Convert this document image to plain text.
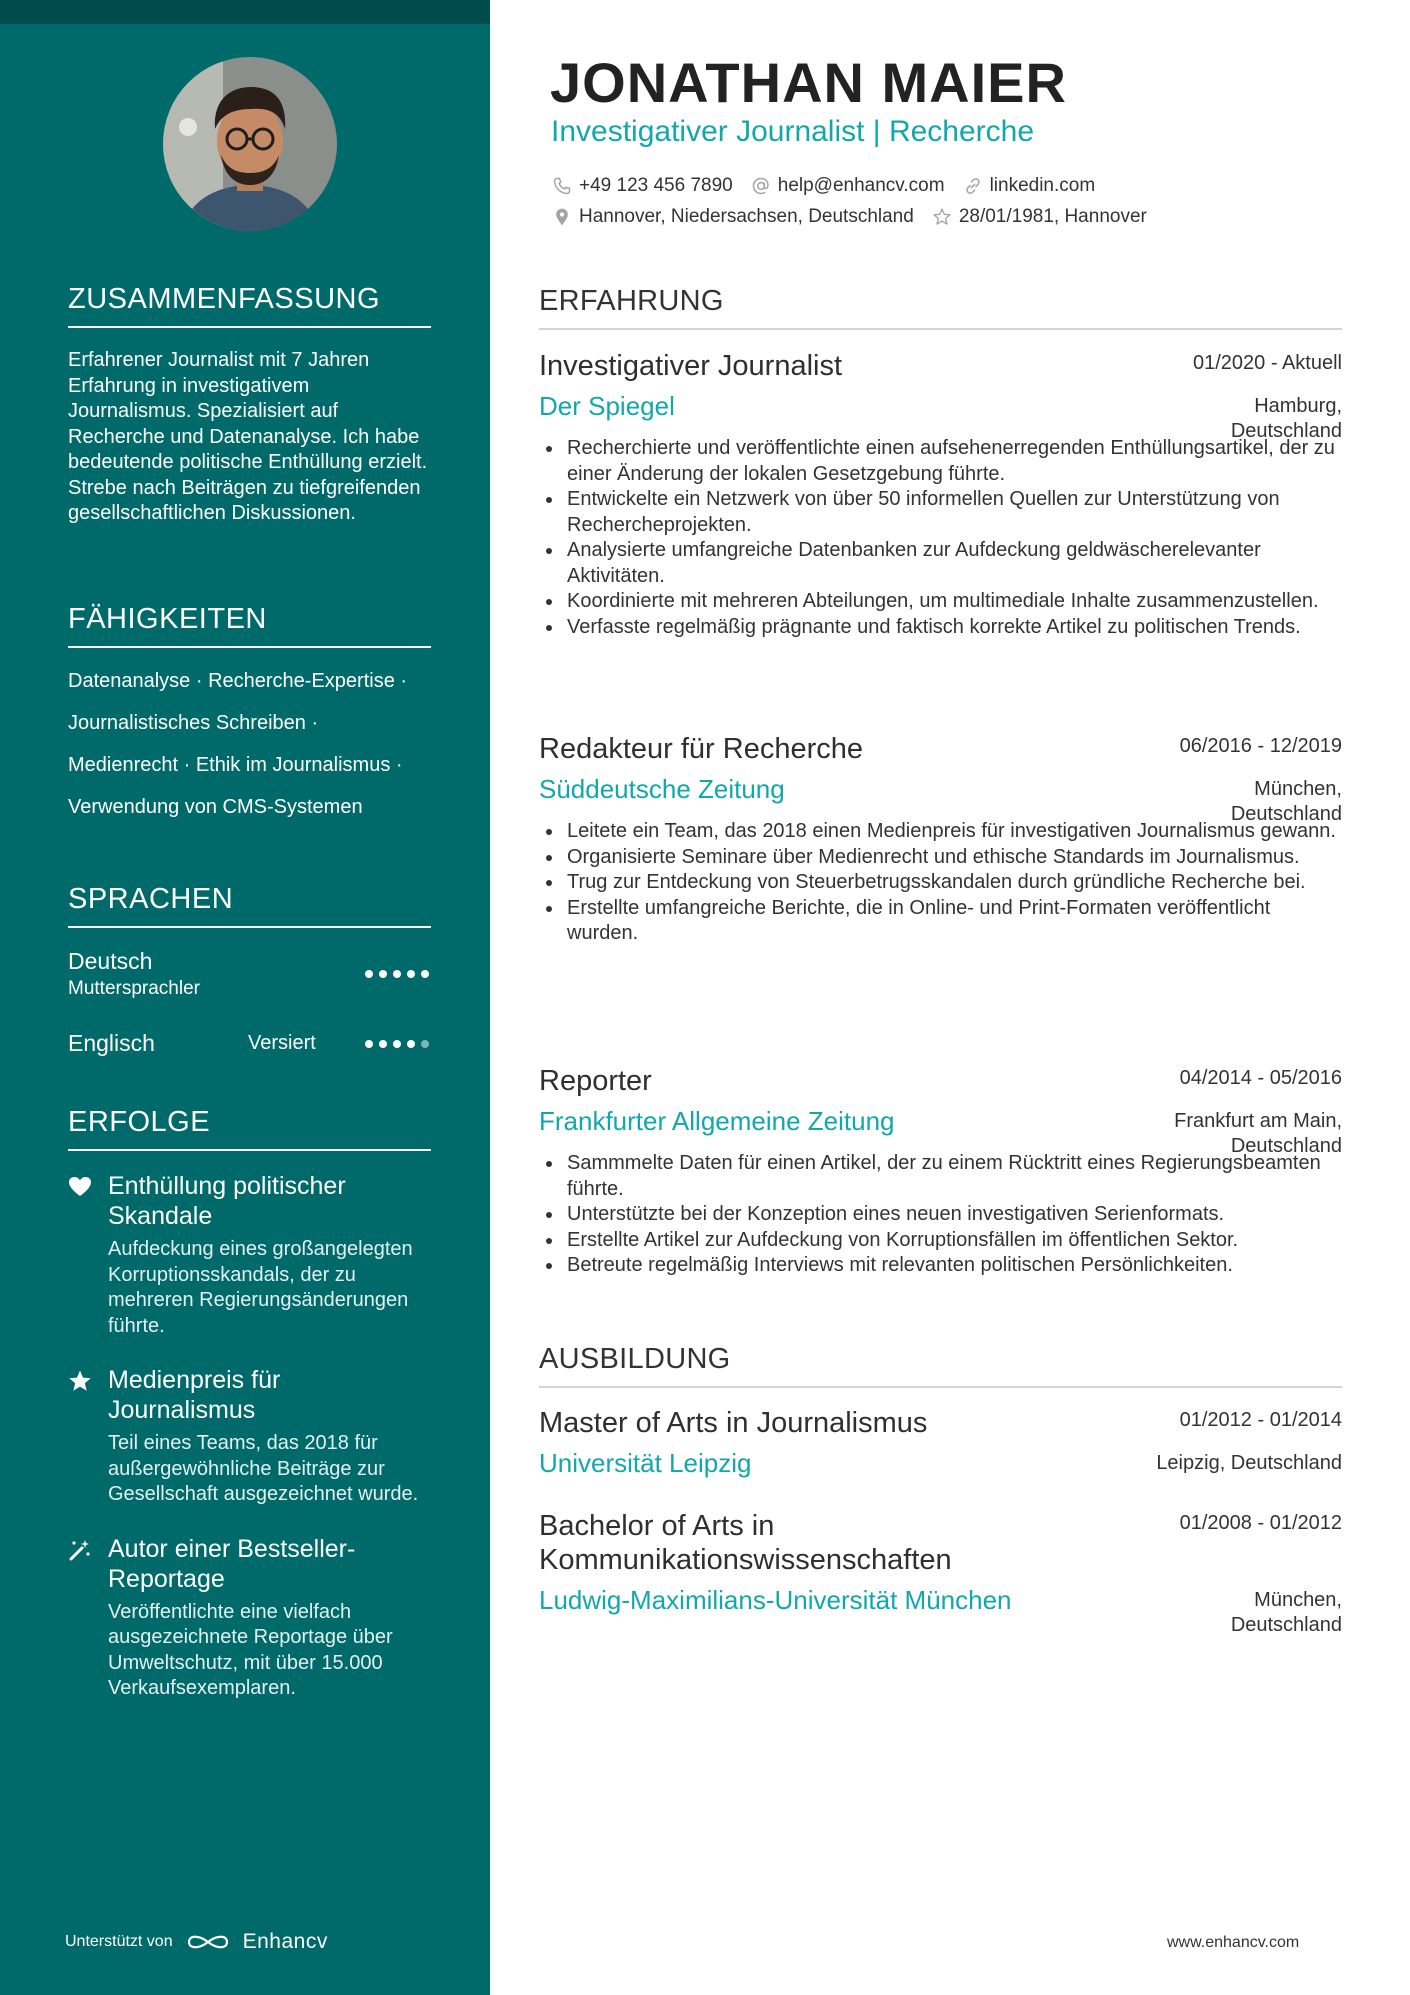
ZUSAMMENFASSUNG
Erfahrener Journalist mit 7 Jahren Erfahrung in investigativem Journalismus. Spezialisiert auf Recherche und Datenanalyse. Ich habe bedeutende politische Enthüllung erzielt. Strebe nach Beiträgen zu tiefgreifenden gesellschaftlichen Diskussionen.
FÄHIGKEITEN
Datenanalyse · Recherche-Expertise ·
Journalistisches Schreiben ·
Medienrecht · Ethik im Journalismus ·
Verwendung von CMS-Systemen
SPRACHEN
Deutsch
Muttersprachler
Englisch	Versiert
ERFOLGE
Enthüllung politischer Skandale
Aufdeckung eines großangelegten Korruptionsskandals, der zu mehreren Regierungsänderungen führte.
Medienpreis für Journalismus
Teil eines Teams, das 2018 für außergewöhnliche Beiträge zur Gesellschaft ausgezeichnet wurde.
Autor einer Bestseller-Reportage
Veröffentlichte eine vielfach ausgezeichnete Reportage über Umweltschutz, mit über 15.000 Verkaufsexemplaren.
Unterstützt von	Enhancv
JONATHAN MAIER
Investigativer Journalist | Recherche
+49 123 456 7890 help@enhancv.com linkedin.com
Hannover, Niedersachsen, Deutschland 28/01/1981, Hannover
ERFAHRUNG
Investigativer Journalist	01/2020 - Aktuell
Der Spiegel	Hamburg,
Deutschland
Recherchierte und veröffentlichte einen aufsehenerregenden Enthüllungsartikel, der zu einer Änderung der lokalen Gesetzgebung führte.
Entwickelte ein Netzwerk von über 50 informellen Quellen zur Unterstützung von Rechercheprojekten.
Analysierte umfangreiche Datenbanken zur Aufdeckung geldwäscherelevanter Aktivitäten.
Koordinierte mit mehreren Abteilungen, um multimediale Inhalte zusammenzustellen.
Verfasste regelmäßig prägnante und faktisch korrekte Artikel zu politischen Trends.
Redakteur für Recherche	06/2016 - 12/2019
Süddeutsche Zeitung	München,
Deutschland
Leitete ein Team, das 2018 einen Medienpreis für investigativen Journalismus gewann.
Organisierte Seminare über Medienrecht und ethische Standards im Journalismus.
Trug zur Entdeckung von Steuerbetrugsskandalen durch gründliche Recherche bei.
Erstellte umfangreiche Berichte, die in Online- und Print-Formaten veröffentlicht wurden.
Reporter	04/2014 - 05/2016
Frankfurter Allgemeine Zeitung	Frankfurt am Main,
Deutschland
Sammmelte Daten für einen Artikel, der zu einem Rücktritt eines Regierungsbeamten führte.
Unterstützte bei der Konzeption eines neuen investigativen Serienformats.
Erstellte Artikel zur Aufdeckung von Korruptionsfällen im öffentlichen Sektor.
Betreute regelmäßig Interviews mit relevanten politischen Persönlichkeiten.
AUSBILDUNG
Master of Arts in Journalismus	01/2012 - 01/2014
Universität Leipzig	Leipzig, Deutschland
Bachelor of Arts in
Kommunikationswissenschaften
01/2008 - 01/2012
Ludwig-Maximilians-Universität München	München,
Deutschland
www.enhancv.com
